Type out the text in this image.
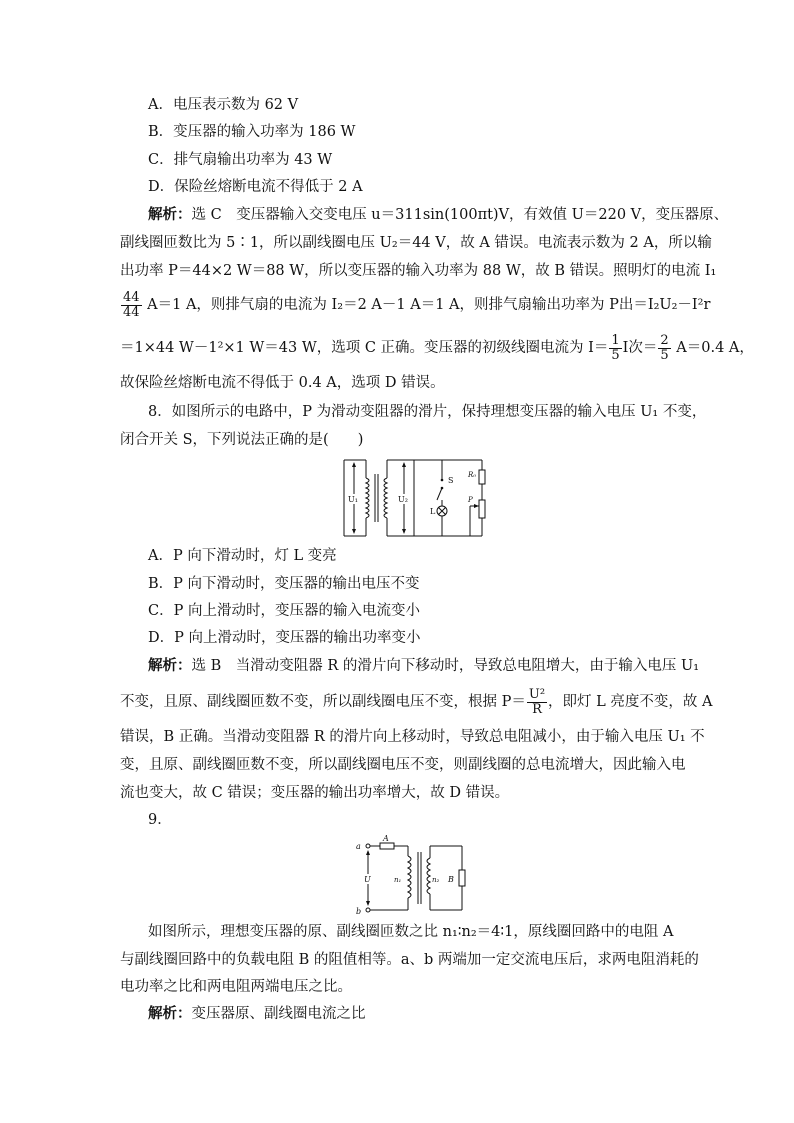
A．电压表示数为 62 V
B．变压器的输入功率为 186 W
C．排气扇输出功率为 43 W
D．保险丝熔断电流不得低于 2 A
解析：选 C　变压器输入交变电压 u＝311sin(100πt)V，有效值 U＝220 V，变压器原、
副线圈匝数比为 5∶1，所以副线圈电压 U₂＝44 V，故 A 错误。电流表示数为 2 A，所以输
出功率 P＝44×2 W＝88 W，所以变压器的输入功率为 88 W，故 B 错误。照明灯的电流 I₁
$\frac{44}{44} A=1$ A，则排气扇的电流为 I₂＝2 A－1 A＝1 A，则排气扇输出功率为 P出＝I₂U₂－I²r
＝1×44 W－1²×1 W＝43 W，选项 C 正确。变压器的初级线圈电流为 $I= \frac{1}{5}$ I次＝ $\frac{2}{5} A=0.4$ A，
故保险丝熔断电流不得低于 0.4 A，选项 D 错误。
8．如图所示的电路中，P 为滑动变阻器的滑片，保持理想变压器的输入电压 U₁ 不变，
闭合开关 S，下列说法正确的是(　　)
U₁	U₂
S
L
R₀
P
A．P 向下滑动时，灯 L 变亮
B．P 向下滑动时，变压器的输出电压不变
C．P 向上滑动时，变压器的输入电流变小
D．P 向上滑动时，变压器的输出功率变小
解析：选 B　当滑动变阻器 R 的滑片向下移动时，导致总电阻增大，由于输入电压 U₁
不变，且原、副线圈匝数不变，所以副线圈电压不变，根据 $P= \frac{\text{U²}}{R}$ ，即灯 L 亮度不变，故 A
错误，B 正确。当滑动变阻器 R 的滑片向上移动时，导致总电阻减小，由于输入电压 U₁ 不
变，且原、副线圈匝数不变，所以副线圈电压不变，则副线圈的总电流增大，因此输入电
流也变大，故 C 错误；变压器的输出功率增大，故 D 错误。
9．
a
b
A
U	n₁	n₂ B
如图所示，理想变压器的原、副线圈匝数之比 n₁∶n₂＝4∶1，原线圈回路中的电阻 A
与副线圈回路中的负载电阻 B 的阻值相等。a、b 两端加一定交流电压后，求两电阻消耗的
电功率之比和两电阻两端电压之比。
解析：变压器原、副线圈电流之比
